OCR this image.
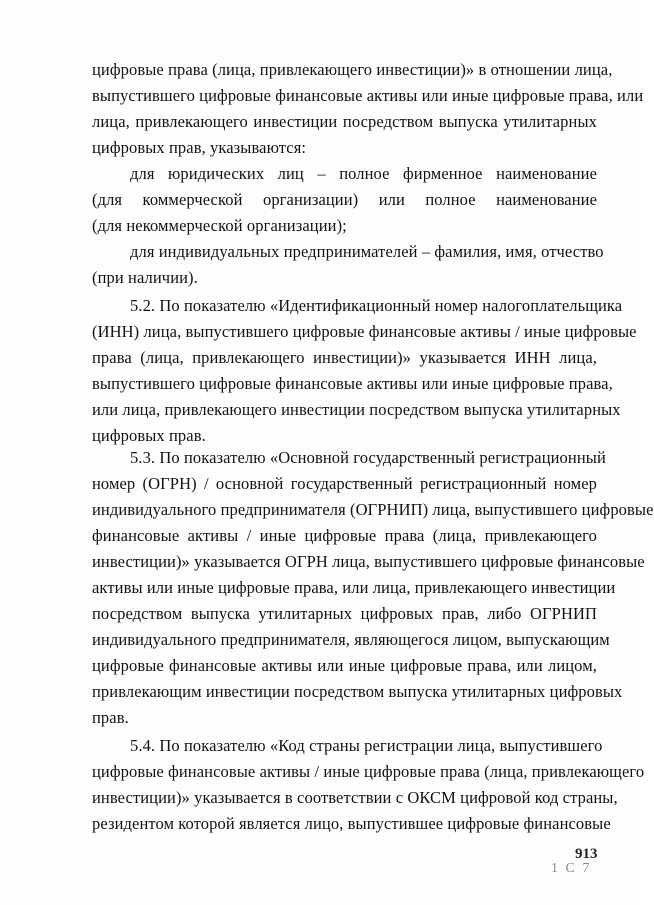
цифровые права (лица, привлекающего инвестиции)» в отношении лица,
выпустившего цифровые финансовые активы или иные цифровые права, или
лица, привлекающего инвестиции посредством выпуска утилитарных
цифровых прав, указываются:
для юридических лиц – полное фирменное наименование
(для коммерческой организации) или полное наименование
(для некоммерческой организации);
для индивидуальных предпринимателей – фамилия, имя, отчество
(при наличии).
5.2. По показателю «Идентификационный номер налогоплательщика
(ИНН) лица, выпустившего цифровые финансовые активы / иные цифровые
права (лица, привлекающего инвестиции)» указывается ИНН лица,
выпустившего цифровые финансовые активы или иные цифровые права,
или лица, привлекающего инвестиции посредством выпуска утилитарных
цифровых прав.
5.3. По показателю «Основной государственный регистрационный
номер (ОГРН) / основной государственный регистрационный номер
индивидуального предпринимателя (ОГРНИП) лица, выпустившего цифровые
финансовые активы / иные цифровые права (лица, привлекающего
инвестиции)» указывается ОГРН лица, выпустившего цифровые финансовые
активы или иные цифровые права, или лица, привлекающего инвестиции
посредством выпуска утилитарных цифровых прав, либо ОГРНИП
индивидуального предпринимателя, являющегося лицом, выпускающим
цифровые финансовые активы или иные цифровые права, или лицом,
привлекающим инвестиции посредством выпуска утилитарных цифровых
прав.
5.4. По показателю «Код страны регистрации лица, выпустившего
цифровые финансовые активы / иные цифровые права (лица, привлекающего
инвестиции)» указывается в соответствии с ОКСМ цифровой код страны,
резидентом которой является лицо, выпустившее цифровые финансовые
913
1 С 7
